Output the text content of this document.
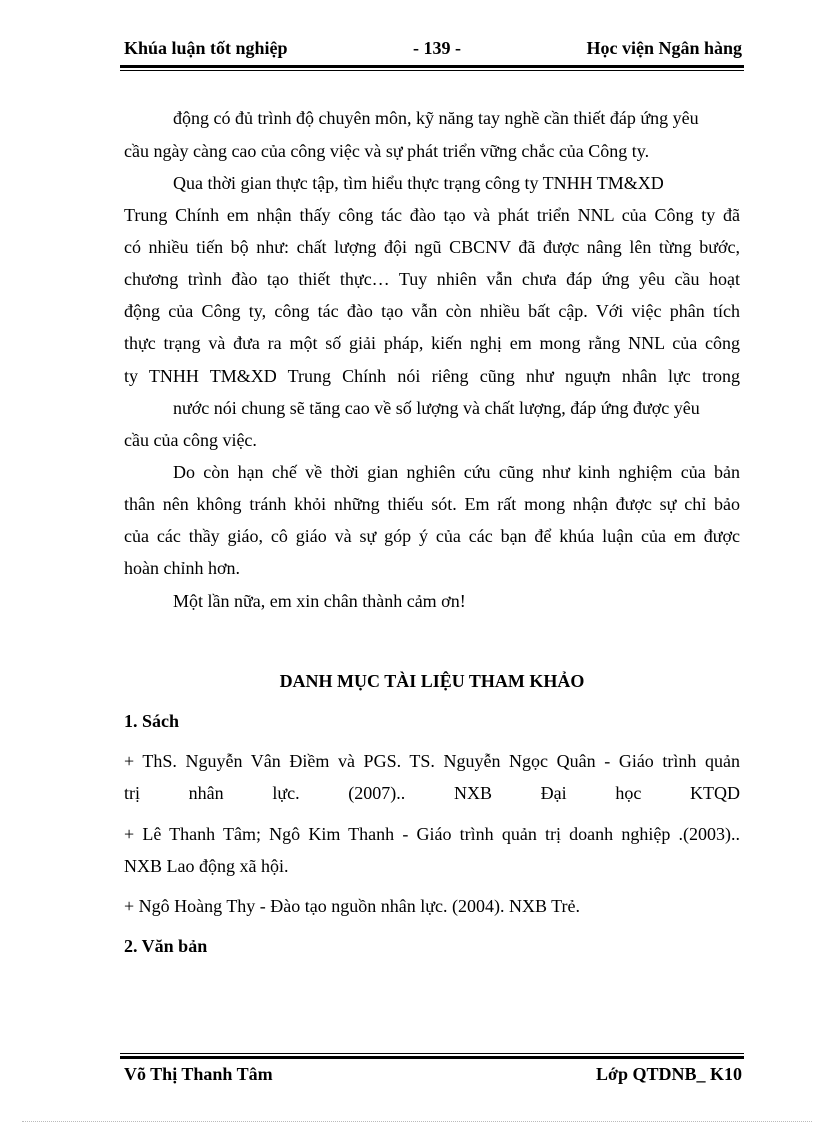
Khúa luận tốt nghiệp	- 139 -	Học viện Ngân hàng
động có đủ trình độ chuyên môn, kỹ năng tay nghề cần thiết đáp ứng yêu
cầu ngày càng cao của công việc và sự phát triển vững chắc của Công ty.
Qua thời gian thực tập, tìm hiểu thực trạng công ty TNHH TM&XD
Trung Chính em nhận thấy công tác đào tạo và phát triển NNL của Công ty đã
có nhiều tiến bộ như: chất lượng đội ngũ CBCNV đã được nâng lên từng bước,
chương trình đào tạo thiết thực… Tuy nhiên vẫn chưa đáp ứng yêu cầu hoạt
động của Công ty, công tác đào tạo vẫn còn nhiều bất cập. Với việc phân tích
thực trạng và đưa ra một số giải pháp, kiến nghị em mong rằng NNL của công
ty TNHH TM&XD Trung Chính nói riêng cũng như nguựn nhân lực trong
nước nói chung sẽ tăng cao về số lượng và chất lượng, đáp ứng được yêu
cầu của công việc.
Do còn hạn chế về thời gian nghiên cứu cũng như kinh nghiệm của bản
thân nên không tránh khỏi những thiếu sót. Em rất mong nhận được sự chỉ bảo
của các thầy giáo, cô giáo và sự góp ý của các bạn để khúa luận của em được
hoàn chỉnh hơn.
Một lần nữa, em xin chân thành cảm ơn!
DANH MỤC TÀI LIỆU THAM KHẢO
1. Sách
+ ThS. Nguyễn Vân Điềm và PGS. TS. Nguyễn Ngọc Quân - Giáo trình quản
trị nhân lực. (2007).. NXB Đại học KTQD
+ Lê Thanh Tâm; Ngô Kim Thanh - Giáo trình quản trị doanh nghiệp .(2003)..
NXB Lao động xã hội.
+ Ngô Hoàng Thy - Đào tạo nguồn nhân lực. (2004). NXB Trẻ.
2. Văn bản
Võ Thị Thanh Tâm	Lớp QTDNB_ K10
